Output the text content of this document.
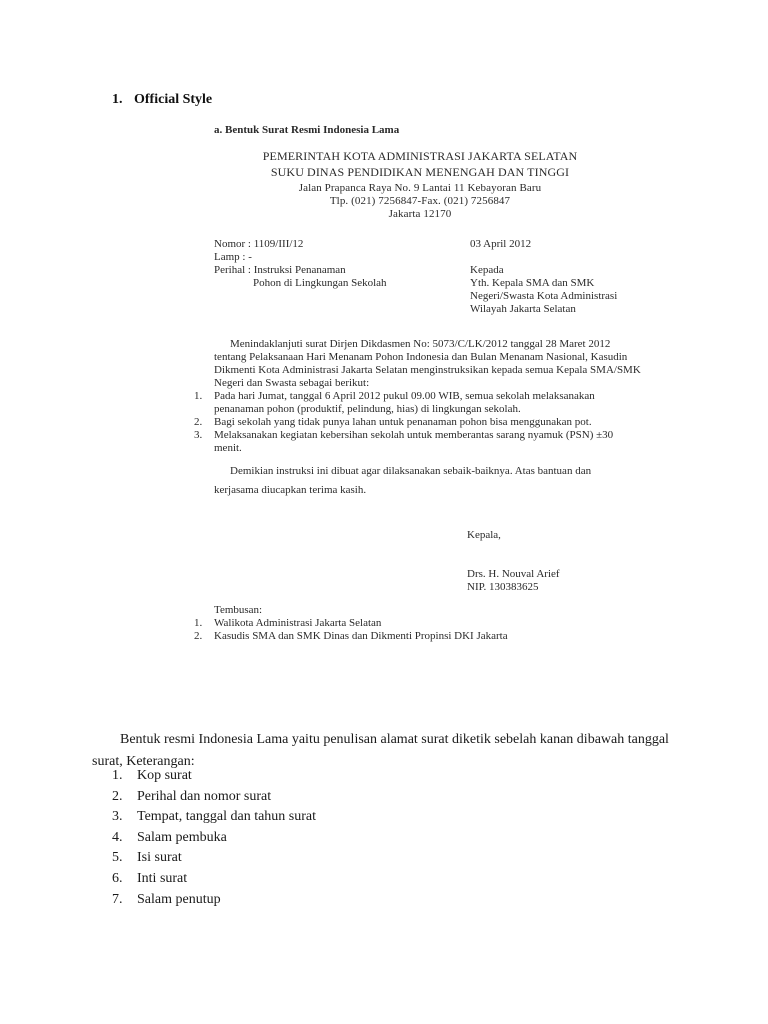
1. Official Style
a. Bentuk Surat Resmi Indonesia Lama
PEMERINTAH KOTA ADMINISTRASI JAKARTA SELATAN
SUKU DINAS PENDIDIKAN MENENGAH DAN TINGGI
Jalan Prapanca Raya No. 9 Lantai 11 Kebayoran Baru
Tlp. (021) 7256847-Fax. (021) 7256847
Jakarta 12170
Nomor : 1109/III/12	03 April 2012
Lamp : -
Perihal : Instruksi Penanaman
Pohon di Lingkungan Sekolah
Kepada
Yth. Kepala SMA dan SMK
Negeri/Swasta Kota Administrasi
Wilayah Jakarta Selatan
Menindaklanjuti surat Dirjen Dikdasmen No: 5073/C/LK/2012 tanggal 28 Maret 2012
tentang Pelaksanaan Hari Menanam Pohon Indonesia dan Bulan Menanam Nasional, Kasudin
Dikmenti Kota Administrasi Jakarta Selatan menginstruksikan kepada semua Kepala SMA/SMK
Negeri dan Swasta sebagai berikut:
1.	Pada hari Jumat, tanggal 6 April 2012 pukul 09.00 WIB, semua sekolah melaksanakan
penanaman pohon (produktif, pelindung, hias) di lingkungan sekolah.
2.	Bagi sekolah yang tidak punya lahan untuk penanaman pohon bisa menggunakan pot.
3.	Melaksanakan kegiatan kebersihan sekolah untuk memberantas sarang nyamuk (PSN) ±30
menit.
Demikian instruksi ini dibuat agar dilaksanakan sebaik-baiknya. Atas bantuan dan
kerjasama diucapkan terima kasih.
Kepala,
Drs. H. Nouval Arief
NIP. 130383625
Tembusan:
1.	Walikota Administrasi Jakarta Selatan
2.	Kasudis SMA dan SMK Dinas dan Dikmenti Propinsi DKI Jakarta

Bentuk resmi Indonesia Lama yaitu penulisan alamat surat diketik sebelah kanan dibawah tanggal surat, Keterangan:

1.	Kop surat
2.	Perihal dan nomor surat
3.	Tempat, tanggal dan tahun surat
4.	Salam pembuka
5.	Isi surat
6.	Inti surat
7.	Salam penutup
